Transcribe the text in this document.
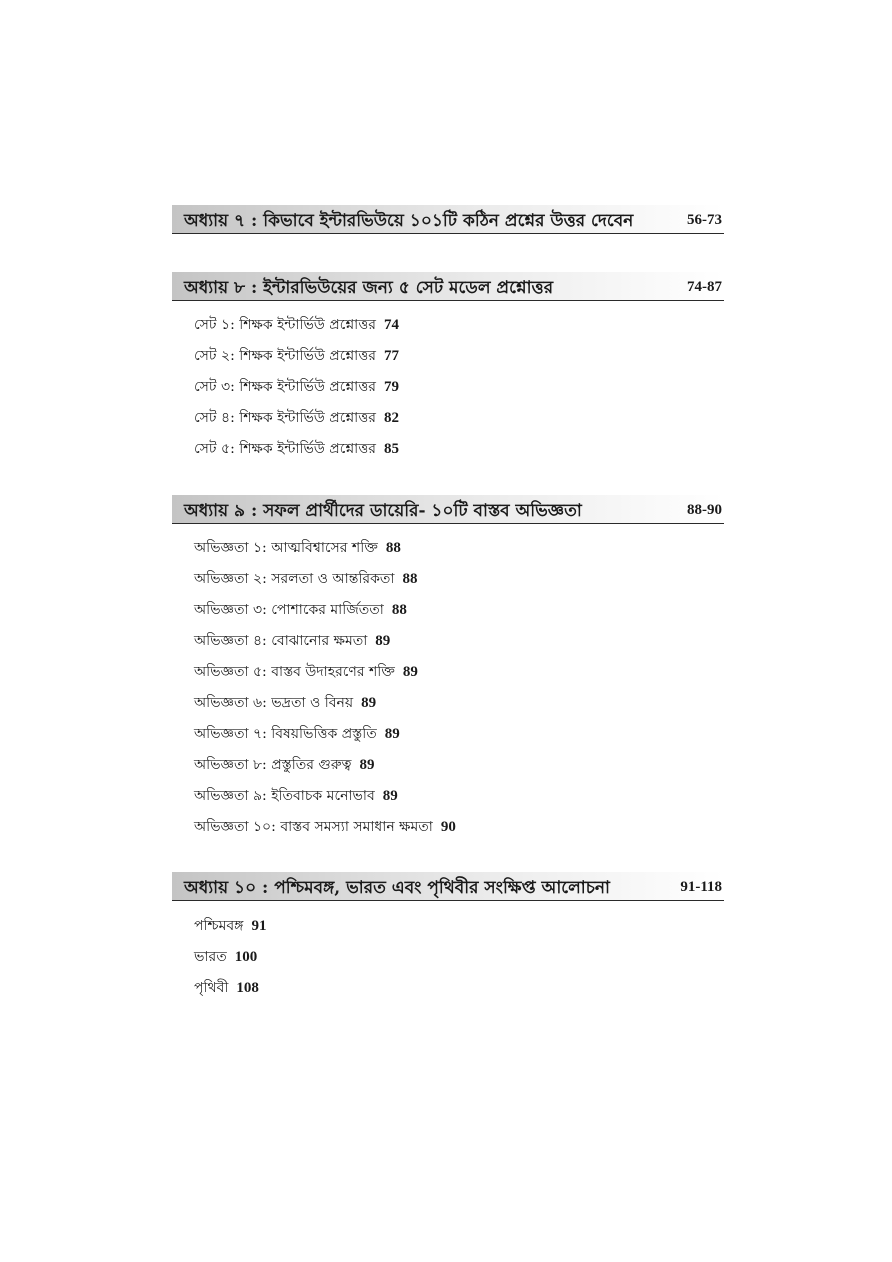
অধ্যায় ৭ : কিভাবে ইন্টারভিউয়ে ১০১টি কঠিন প্রশ্নের উত্তর দেবেন	56-73
অধ্যায় ৮ : ইন্টারভিউয়ের জন্য ৫ সেট মডেল প্রশ্নোত্তর	74-87
সেট ১: শিক্ষক ইন্টার্ভিউ প্রশ্নোত্তর 74
সেট ২: শিক্ষক ইন্টার্ভিউ প্রশ্নোত্তর 77
সেট ৩: শিক্ষক ইন্টার্ভিউ প্রশ্নোত্তর 79
সেট ৪: শিক্ষক ইন্টার্ভিউ প্রশ্নোত্তর 82
সেট ৫: শিক্ষক ইন্টার্ভিউ প্রশ্নোত্তর 85
অধ্যায় ৯ : সফল প্রার্থীদের ডায়েরি- ১০টি বাস্তব অভিজ্ঞতা	88-90
অভিজ্ঞতা ১: আত্মবিশ্বাসের শক্তি 88
অভিজ্ঞতা ২: সরলতা ও আন্তরিকতা 88
অভিজ্ঞতা ৩: পোশাকের মার্জিততা 88
অভিজ্ঞতা ৪: বোঝানোর ক্ষমতা 89
অভিজ্ঞতা ৫: বাস্তব উদাহরণের শক্তি 89
অভিজ্ঞতা ৬: ভদ্রতা ও বিনয় 89
অভিজ্ঞতা ৭: বিষয়ভিত্তিক প্রস্তুতি 89
অভিজ্ঞতা ৮: প্রস্তুতির গুরুত্ব 89
অভিজ্ঞতা ৯: ইতিবাচক মনোভাব 89
অভিজ্ঞতা ১০: বাস্তব সমস্যা সমাধান ক্ষমতা 90
অধ্যায় ১০ : পশ্চিমবঙ্গ, ভারত এবং পৃথিবীর সংক্ষিপ্ত আলোচনা	91-118
পশ্চিমবঙ্গ 91
ভারত 100
পৃথিবী 108
